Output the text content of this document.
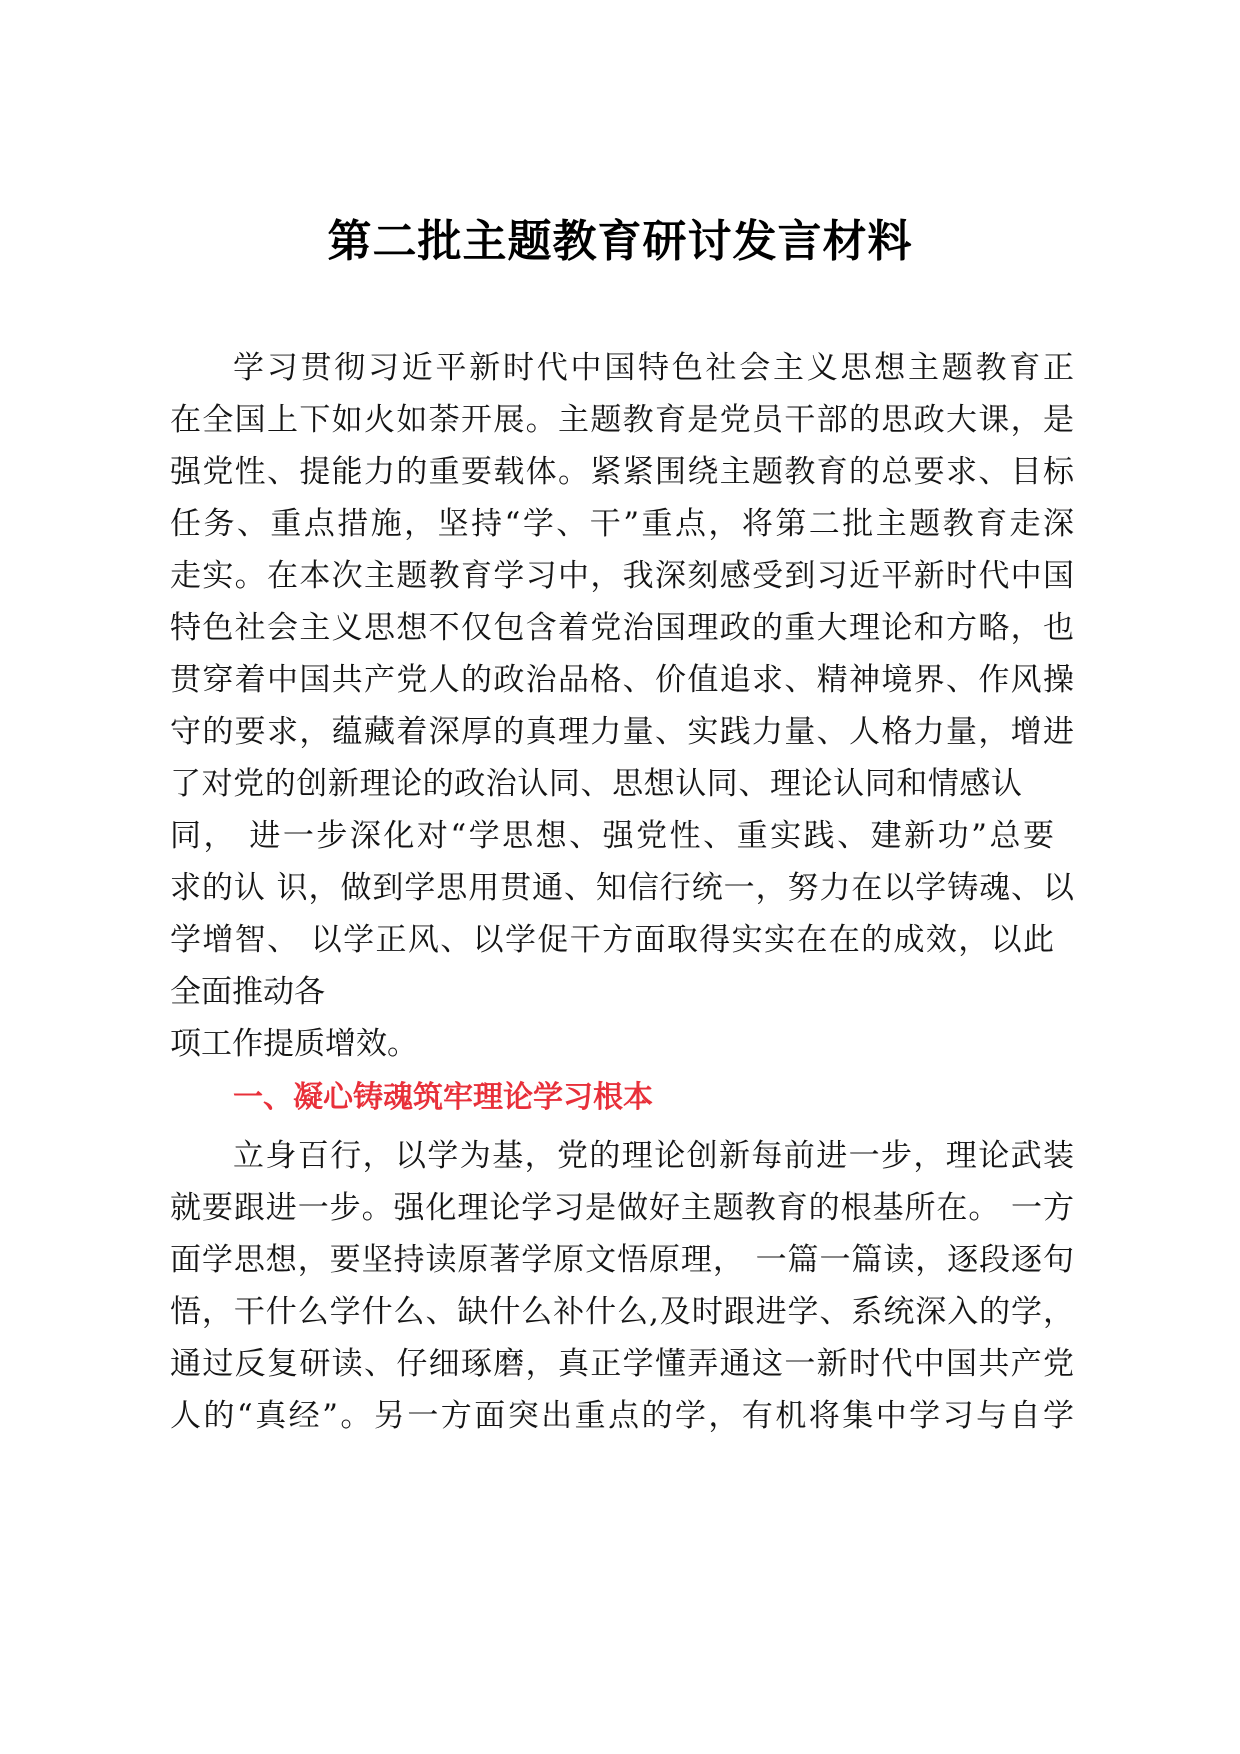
第二批主题教育研讨发言材料
学习贯彻习近平新时代中国特色社会主义思想主题教育正
在全国上下如火如荼开展。主题教育是党员干部的思政大课，是
强党性、提能力的重要载体。紧紧围绕主题教育的总要求、目标
任务、重点措施，坚持“学、干”重点，将第二批主题教育走深
走实。在本次主题教育学习中，我深刻感受到习近平新时代中国
特色社会主义思想不仅包含着党治国理政的重大理论和方略，也
贯穿着中国共产党人的政治品格、价值追求、精神境界、作风操
守的要求，蕴藏着深厚的真理力量、实践力量、人格力量，增进
了对党的创新理论的政治认同、思想认同、理论认同和情感认
同， 进一步深化对“学思想、强党性、重实践、建新功”总要
求的认 识，做到学思用贯通、知信行统一，努力在以学铸魂、以
学增智、 以学正风、以学促干方面取得实实在在的成效，以此
全面推动各
项工作提质增效。
一、凝心铸魂筑牢理论学习根本
立身百行，以学为基，党的理论创新每前进一步，理论武装
就要跟进一步。强化理论学习是做好主题教育的根基所在。 一方
面学思想，要坚持读原著学原文悟原理， 一篇一篇读，逐段逐句
悟，干什么学什么、缺什么补什么,及时跟进学、系统深入的学，
通过反复研读、仔细琢磨，真正学懂弄通这一新时代中国共产党
人的“真经”。另一方面突出重点的学，有机将集中学习与自学
